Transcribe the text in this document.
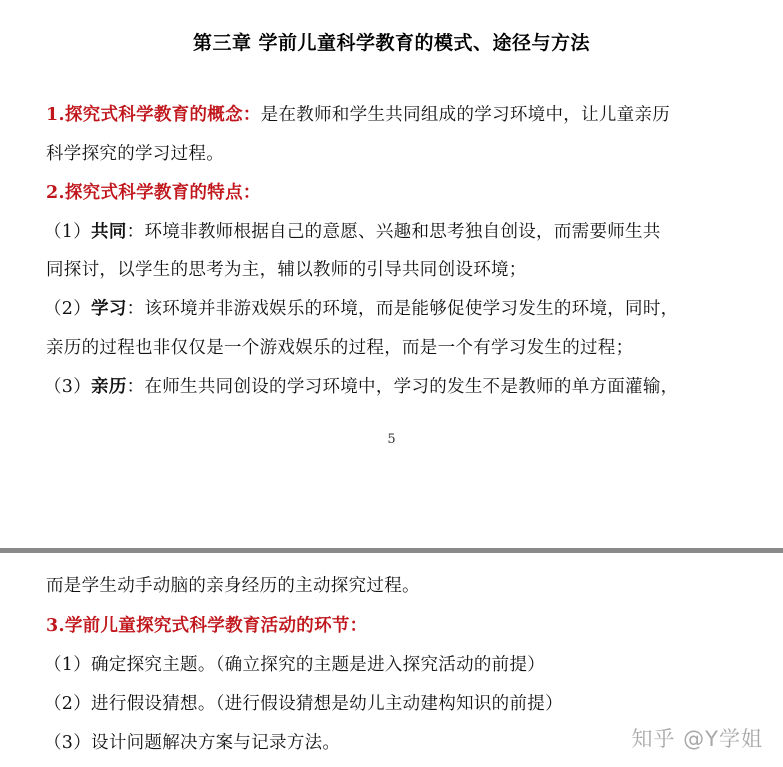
第三章 学前儿童科学教育的模式、途径与方法
1.探究式科学教育的概念：是在教师和学生共同组成的学习环境中，让儿童亲历
科学探究的学习过程。
2.探究式科学教育的特点：
（1）共同：环境非教师根据自己的意愿、兴趣和思考独自创设，而需要师生共
同探讨，以学生的思考为主，辅以教师的引导共同创设环境；
（2）学习：该环境并非游戏娱乐的环境，而是能够促使学习发生的环境，同时，
亲历的过程也非仅仅是一个游戏娱乐的过程，而是一个有学习发生的过程；
（3）亲历：在师生共同创设的学习环境中，学习的发生不是教师的单方面灌输，
5
而是学生动手动脑的亲身经历的主动探究过程。
3.学前儿童探究式科学教育活动的环节：
（1）确定探究主题。（确立探究的主题是进入探究活动的前提）
（2）进行假设猜想。（进行假设猜想是幼儿主动建构知识的前提）
（3）设计问题解决方案与记录方法。	知乎 @Y学姐
